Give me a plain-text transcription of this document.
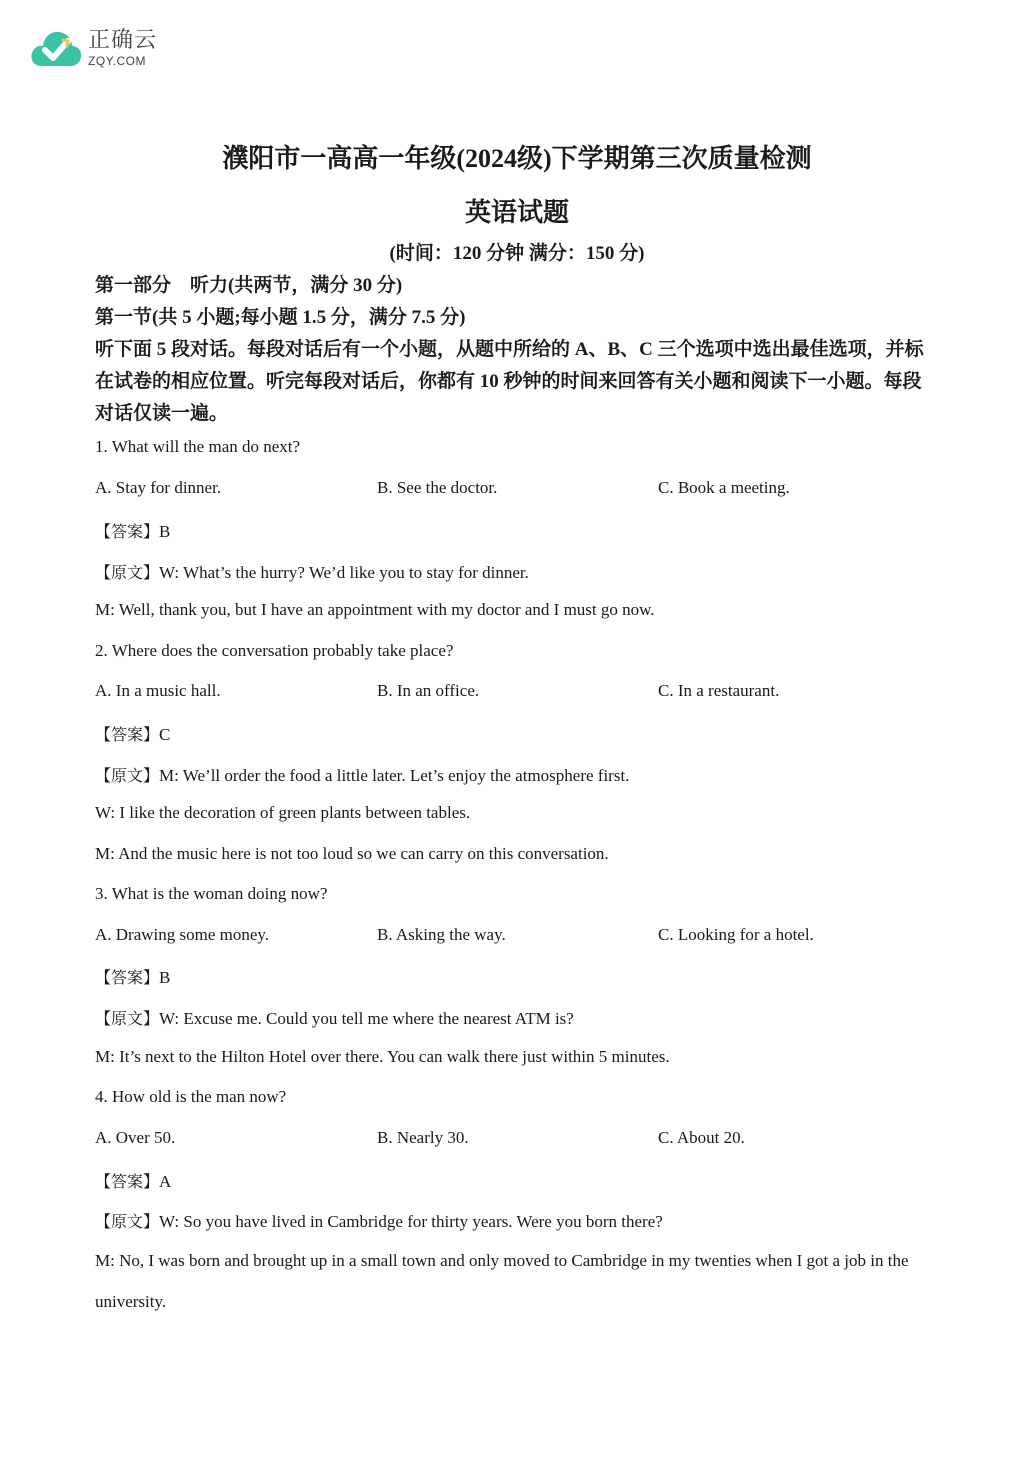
正确云
ZQY.COM
濮阳市一高高一年级(2024级)下学期第三次质量检测
英语试题
(时间：120 分钟 满分：150 分)
第一部分　听力(共两节，满分 30 分)
第一节(共 5 小题;每小题 1.5 分，满分 7.5 分)
听下面 5 段对话。每段对话后有一个小题，从题中所给的 A、B、C 三个选项中选出最佳选项，并标在试卷的相应位置。听完每段对话后，你都有 10 秒钟的时间来回答有关小题和阅读下一小题。每段对话仅读一遍。
1. What will the man do next?
A. Stay for dinner.	B. See the doctor.	C. Book a meeting.
【答案】B
【原文】W: What’s the hurry? We’d like you to stay for dinner.
M: Well, thank you, but I have an appointment with my doctor and I must go now.
2. Where does the conversation probably take place?
A. In a music hall.	B. In an office.	C. In a restaurant.
【答案】C
【原文】M: We’ll order the food a little later. Let’s enjoy the atmosphere first.
W: I like the decoration of green plants between tables.
M: And the music here is not too loud so we can carry on this conversation.
3. What is the woman doing now?
A. Drawing some money.	B. Asking the way.	C. Looking for a hotel.
【答案】B
【原文】W: Excuse me. Could you tell me where the nearest ATM is?
M: It’s next to the Hilton Hotel over there. You can walk there just within 5 minutes.
4. How old is the man now?
A. Over 50.	B. Nearly 30.	C. About 20.
【答案】A
【原文】W: So you have lived in Cambridge for thirty years. Were you born there?
M: No, I was born and brought up in a small town and only moved to Cambridge in my twenties when I got a job in the university.
